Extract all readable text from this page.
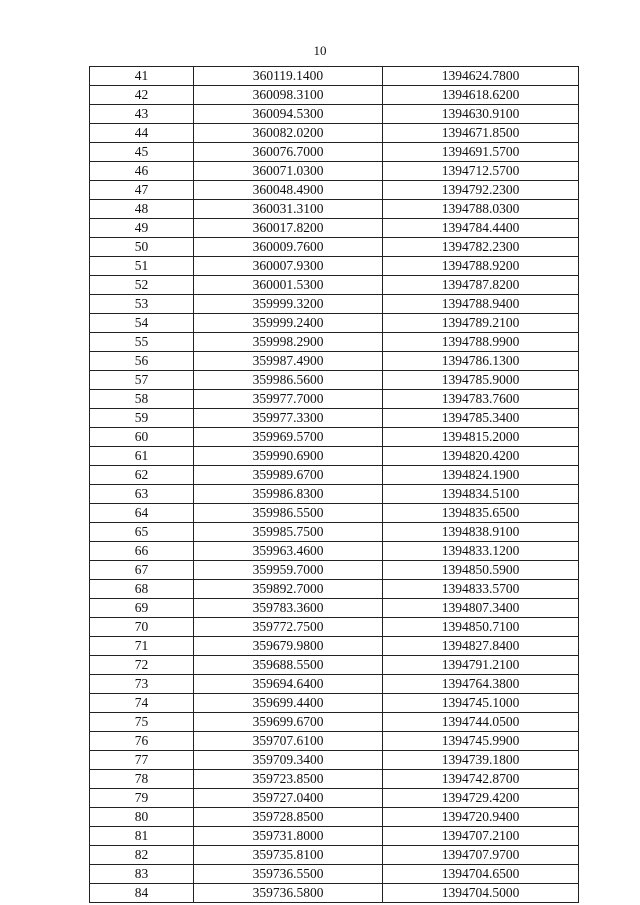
10
41	360119.1400	1394624.7800
42	360098.3100	1394618.6200
43	360094.5300	1394630.9100
44	360082.0200	1394671.8500
45	360076.7000	1394691.5700
46	360071.0300	1394712.5700
47	360048.4900	1394792.2300
48	360031.3100	1394788.0300
49	360017.8200	1394784.4400
50	360009.7600	1394782.2300
51	360007.9300	1394788.9200
52	360001.5300	1394787.8200
53	359999.3200	1394788.9400
54	359999.2400	1394789.2100
55	359998.2900	1394788.9900
56	359987.4900	1394786.1300
57	359986.5600	1394785.9000
58	359977.7000	1394783.7600
59	359977.3300	1394785.3400
60	359969.5700	1394815.2000
61	359990.6900	1394820.4200
62	359989.6700	1394824.1900
63	359986.8300	1394834.5100
64	359986.5500	1394835.6500
65	359985.7500	1394838.9100
66	359963.4600	1394833.1200
67	359959.7000	1394850.5900
68	359892.7000	1394833.5700
69	359783.3600	1394807.3400
70	359772.7500	1394850.7100
71	359679.9800	1394827.8400
72	359688.5500	1394791.2100
73	359694.6400	1394764.3800
74	359699.4400	1394745.1000
75	359699.6700	1394744.0500
76	359707.6100	1394745.9900
77	359709.3400	1394739.1800
78	359723.8500	1394742.8700
79	359727.0400	1394729.4200
80	359728.8500	1394720.9400
81	359731.8000	1394707.2100
82	359735.8100	1394707.9700
83	359736.5500	1394704.6500
84	359736.5800	1394704.5000
